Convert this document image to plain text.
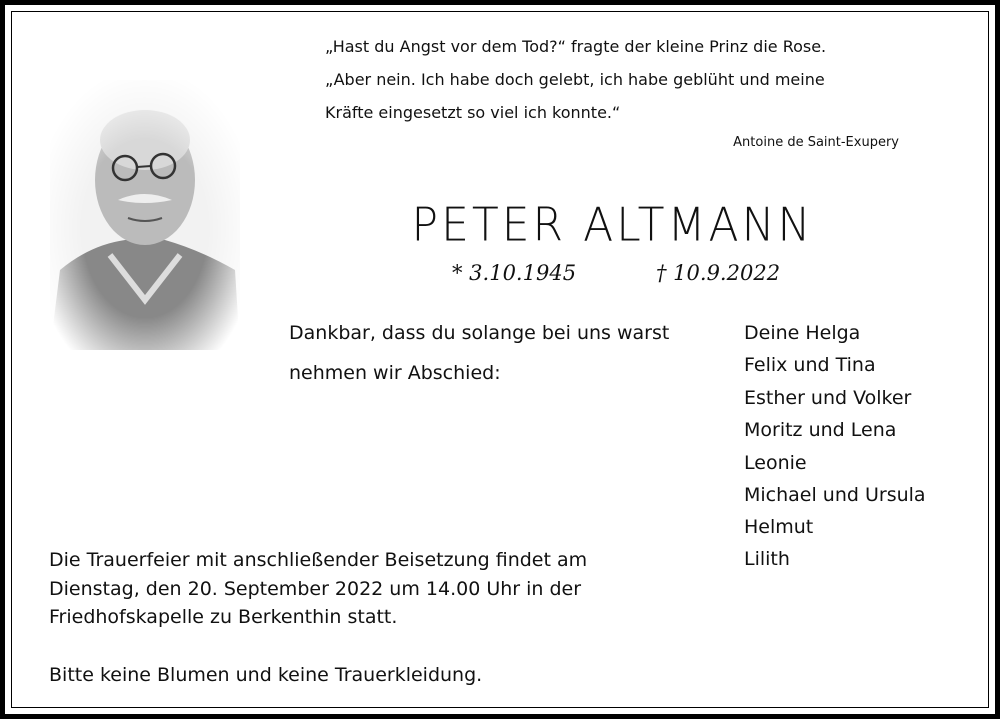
„Hast du Angst vor dem Tod?“ fragte der kleine Prinz die Rose.
„Aber nein. Ich habe doch gelebt, ich habe geblüht und meine
Kräfte eingesetzt so viel ich konnte.“
Antoine de Saint-Exupery
PETER ALTMANN
* 3.10.1945	† 10.9.2022
Dankbar, dass du solange bei uns warst
nehmen wir Abschied:
Deine Helga
Felix und Tina
Esther und Volker
Moritz und Lena
Leonie
Michael und Ursula
Helmut
Lilith
Die Trauerfeier mit anschließender Beisetzung findet am
Dienstag, den 20. September 2022 um 14.00 Uhr in der
Friedhofskapelle zu Berkenthin statt.
Bitte keine Blumen und keine Trauerkleidung.
